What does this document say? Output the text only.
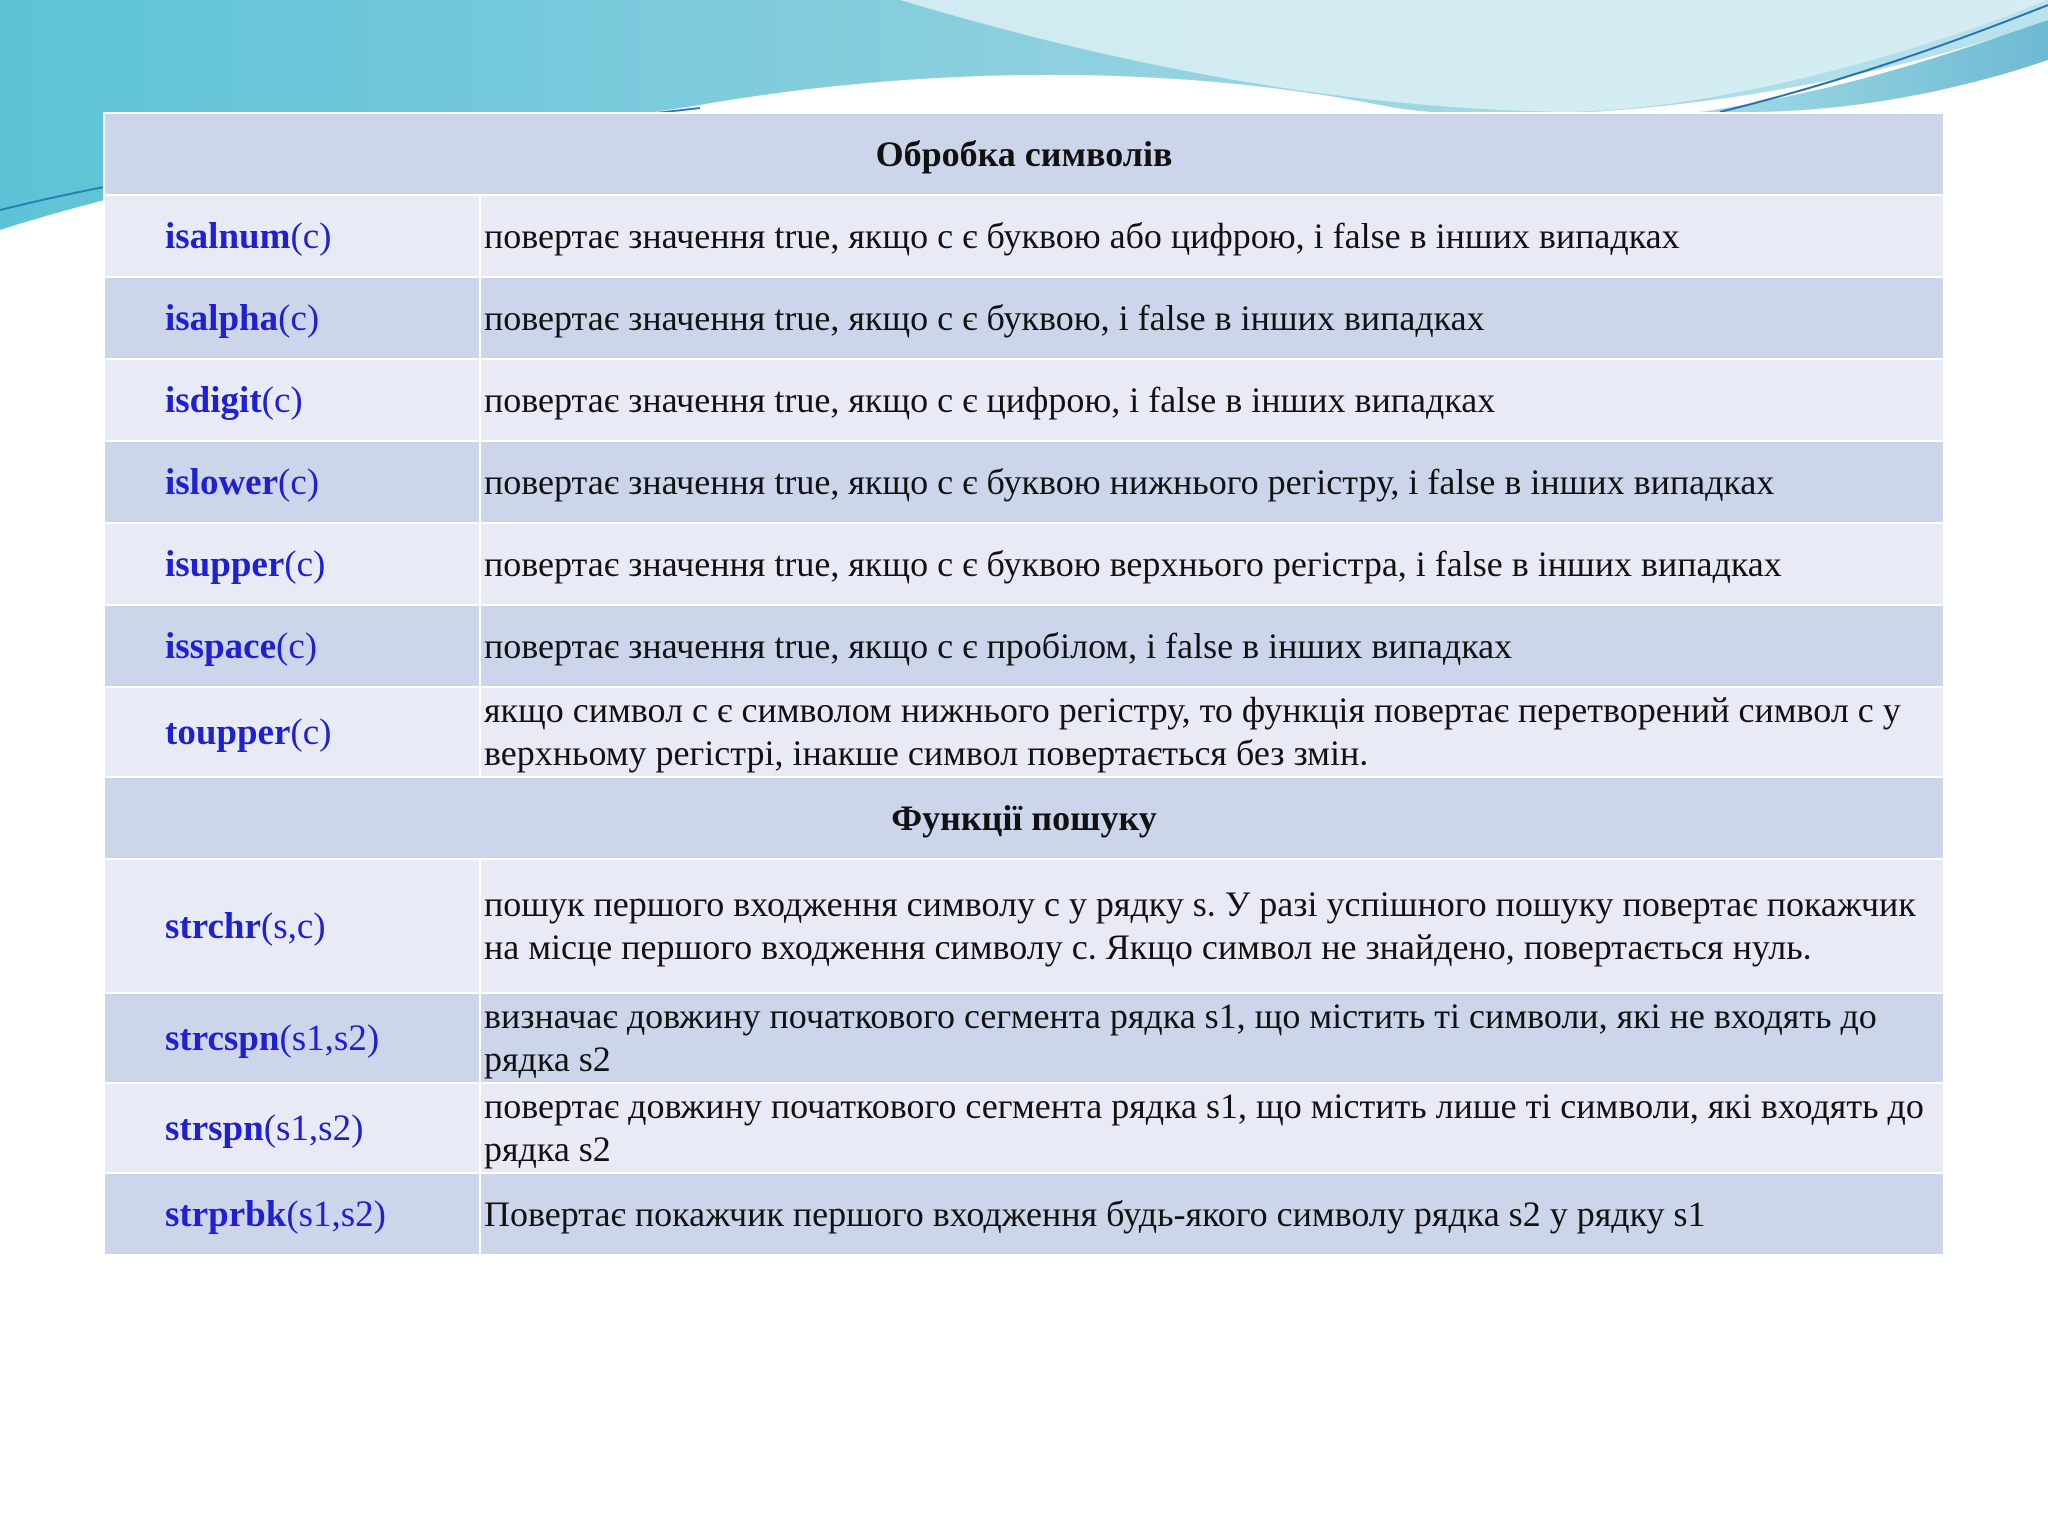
Обробка символів	
isalnum(c)	повертає значення true, якщо c є буквою або цифрою, і false в інших випадках
isalpha(c)	повертає значення true, якщо c є буквою, і false в інших випадках
isdigit(c)	повертає значення true, якщо c є цифрою, і false в інших випадках
islower(c)	повертає значення true, якщо c є буквою нижнього регістру, і false в інших випадках
isupper(c)	повертає значення true, якщо c є буквою верхнього регістра, і false в інших випадках
isspace(c)	повертає значення true, якщо c є пробілом, і false в інших випадках
toupper(c)	якщо символ c є символом нижнього регістру, то функція повертає перетворений символ c у верхньому регістрі, інакше символ повертається без змін.
Функції пошуку	
strchr(s,c)	пошук першого входження символу c у рядку s. У разі успішного пошуку повертає покажчик на місце першого входження символу c. Якщо символ не знайдено, повертається нуль.
strcspn(s1,s2)	визначає довжину початкового сегмента рядка s1, що містить ті символи, які не входять до рядка s2
strspn(s1,s2)	повертає довжину початкового сегмента рядка s1, що містить лише ті символи, які входять до рядка s2
strprbk(s1,s2)	Повертає покажчик першого входження будь-якого символу рядка s2 у рядку s1
